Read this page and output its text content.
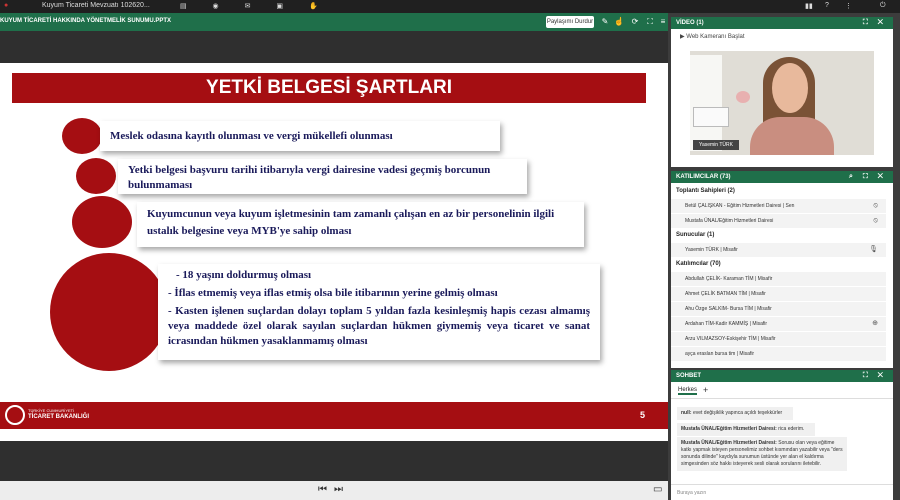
●	Kuyum Ticareti Mevzuatı 102620...	▤ ◉ ✉ ▣ ✋	▮▮ ? ⋮	⏻
KUYUM TİCARETİ HAKKINDA YÖNETMELİK SUNUMU.PPTX	Paylaşımı Durdur ✎ ☝ ⟳ ⛶ ≡
YETKİ BELGESİ ŞARTLARI
Meslek odasına kayıtlı olunması ve vergi mükellefi olunması
Yetki belgesi başvuru tarihi itibarıyla vergi dairesine vadesi geçmiş borcunun bulunmaması
Kuyumcunun veya kuyum işletmesinin tam zamanlı çalışan en az bir personelinin ilgili ustalık belgesine veya MYB'ye sahip olması
- 18 yaşını doldurmuş olması
- İflas etmemiş veya iflas etmiş olsa bile itibarının yerine gelmiş olması
- Kasten işlenen suçlardan dolayı toplam 5 yıldan fazla kesinleşmiş hapis cezası almamış veya maddede özel olarak sayılan suçlardan hükmen giymemiş veya ticaret ve sanat icrasından hükmen yasaklanmamış olması
TÜRKİYE CUMHURİYETİ
TİCARET BAKANLIĞI	5
⏮ ⏭	▭
VİDEO (1)	⛶ ✕
▶ Web Kameranı Başlat
Yasemin TÜRK
KATILIMCILAR (73)	⌕ ⛶ ✕
Toplantı Sahipleri (2)
Betül ÇALIŞKAN - Eğitim Hizmetleri Dairesi | Sen	⦸
Mustafa ÜNAL/Eğitim Hizmetleri Dairesi	⦸
Sunucular (1)
Yasemin TÜRK | Misafir	🎙
Katılımcılar (70)
Abdullah ÇELİK- Karaman TİM | Misafir
Ahmet ÇELİK BATMAN TİM | Misafir
Ahu Özge SALKIM- Bursa TİM | Misafir
Ardahan TİM-Kadir KAMMİŞ | Misafir	⊕
Arzu VILMAZSOY-Eskişehir TİM | Misafir
ayça eraslan bursa tim | Misafir
SOHBET	⛶ ✕
Herkes +
null: evet değişiklik yapınca açıldı teşekkürler
Mustafa ÜNAL/Eğitim Hizmetleri Dairesi: rica ederim.
Mustafa ÜNAL/Eğitim Hizmetleri Dairesi: Sorusu olan veya eğitime katkı yapmak isteyen personelimiz sohbet kısmından yazabilir veya "ders sonunda dilinde" kaydıyla sunumun üstünde yer alan el kaldırma simgesinden söz hakkı isteyerek sesli olarak sorularını iletebilir.
Buraya yazın
